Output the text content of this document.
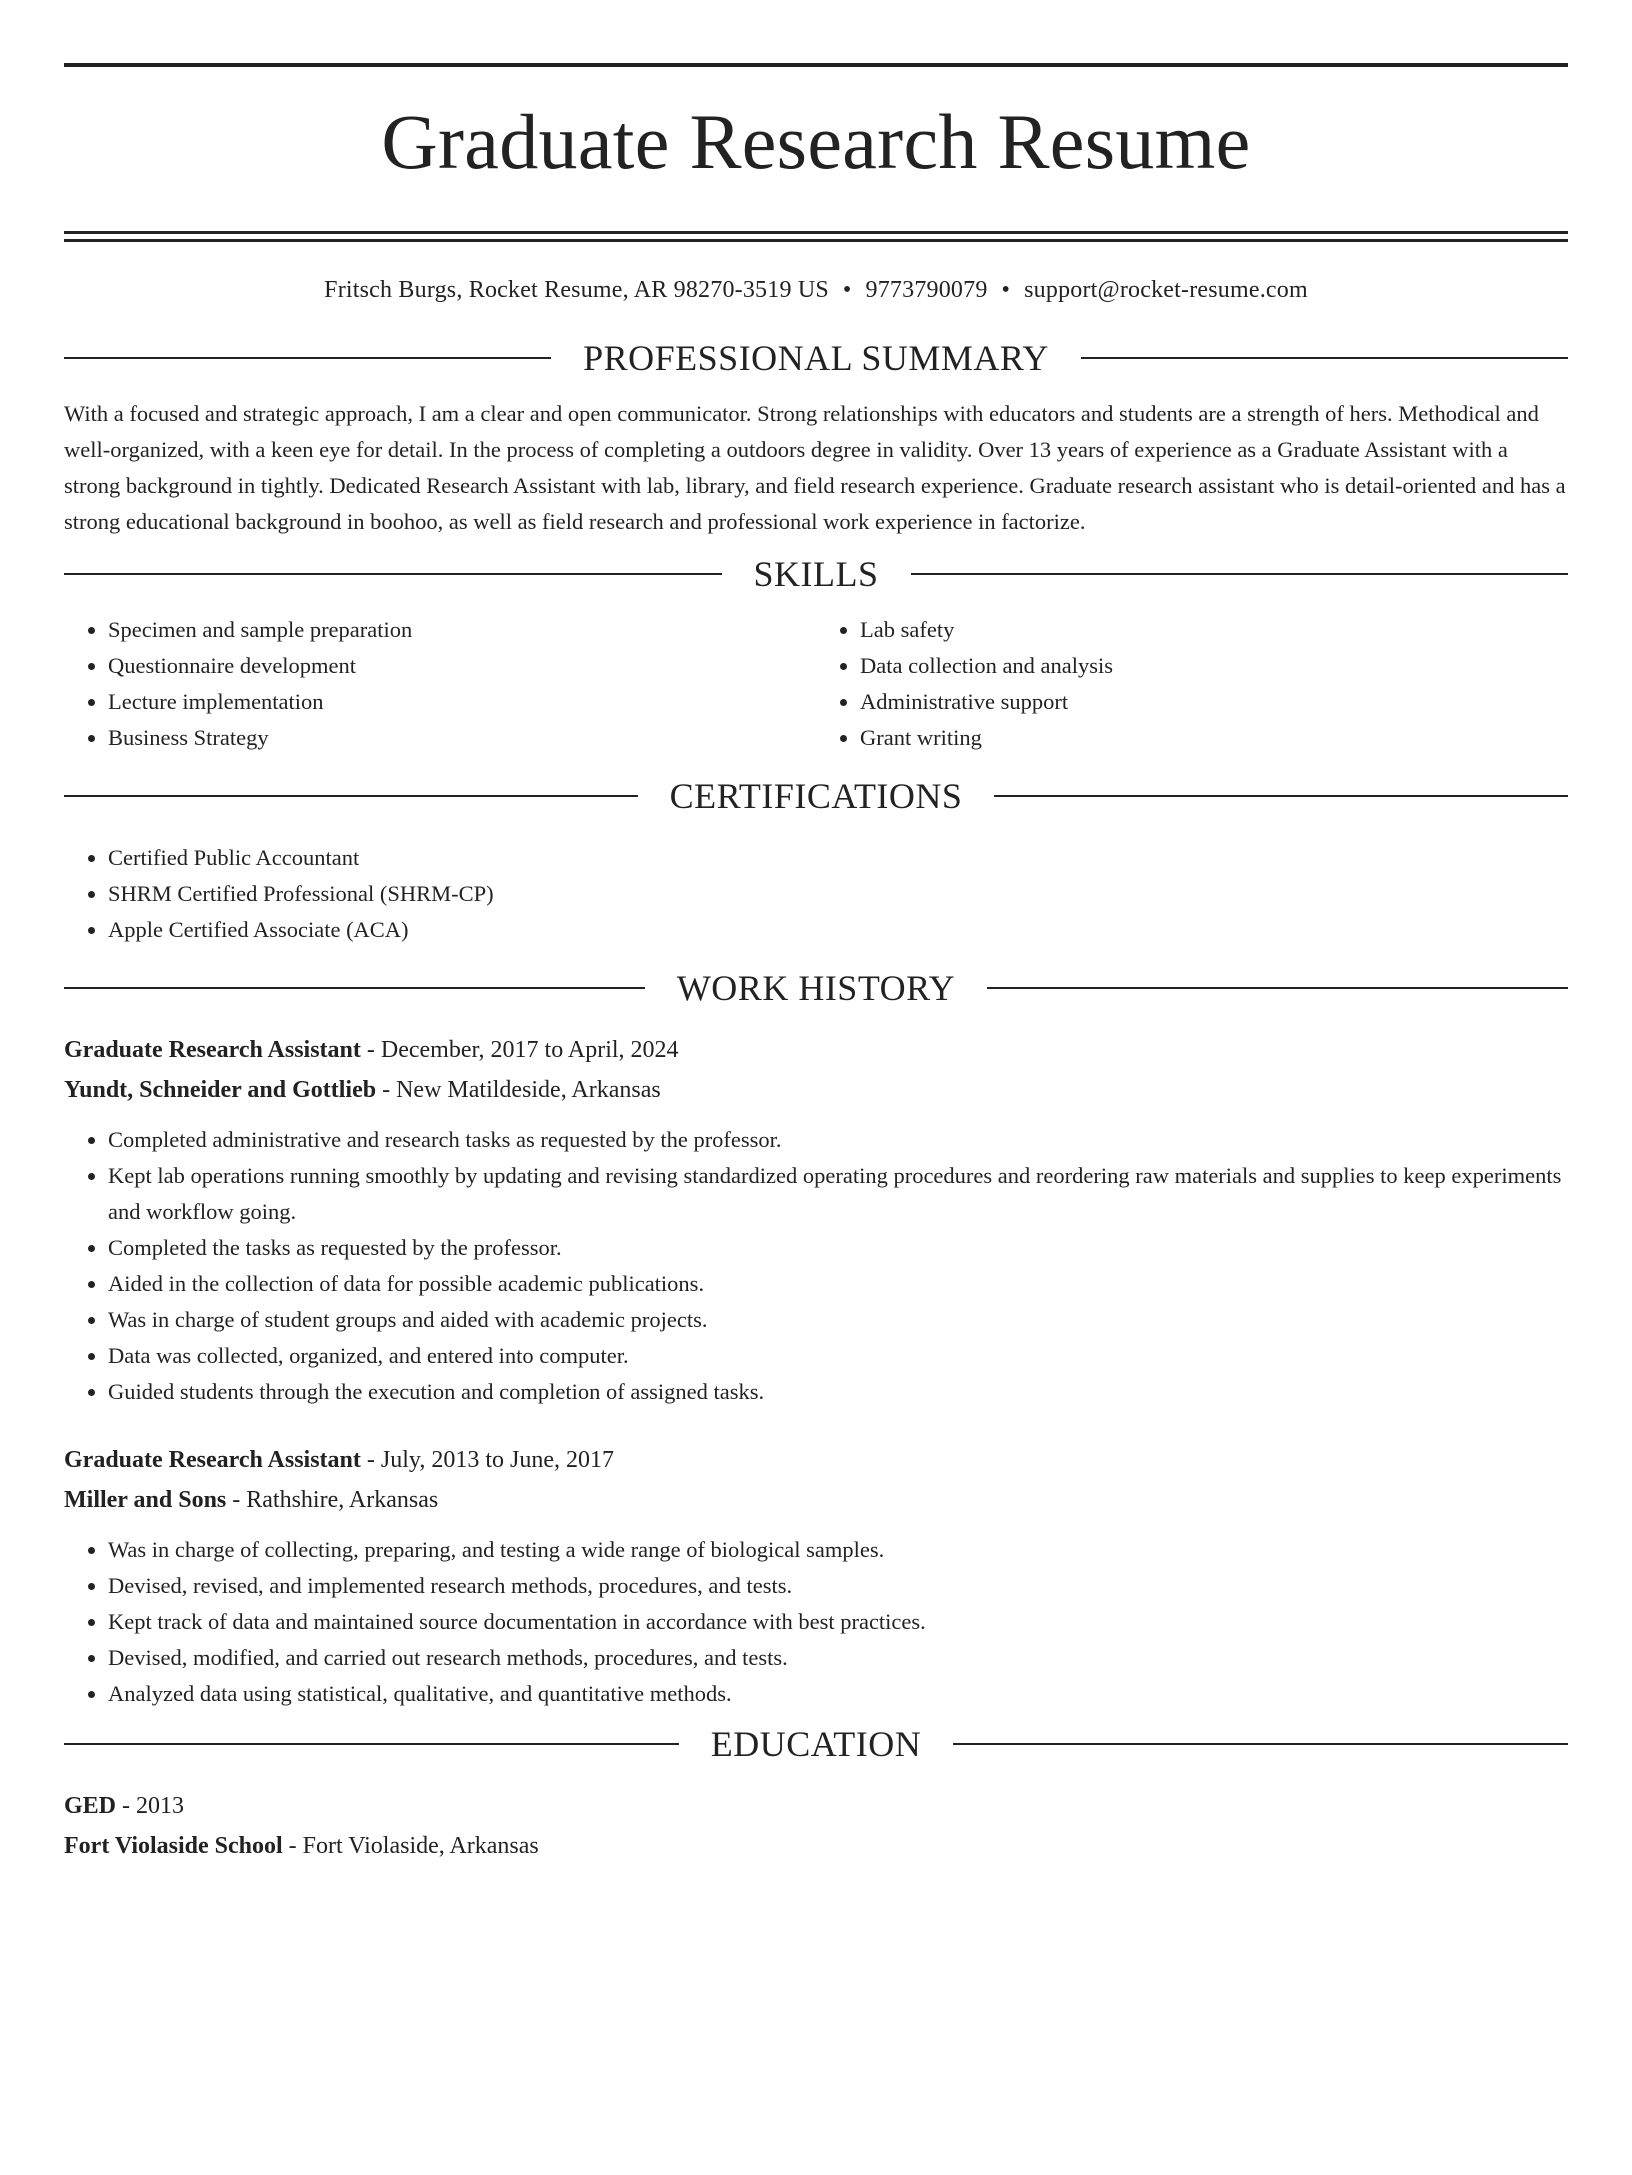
Graduate Research Resume
Fritsch Burgs, Rocket Resume, AR 98270-3519 US • 9773790079 • support@rocket-resume.com
PROFESSIONAL SUMMARY

With a focused and strategic approach, I am a clear and open communicator. Strong relationships with educators and students are a strength of hers. Methodical and well-organized, with a keen eye for detail. In the process of completing a outdoors degree in validity. Over 13 years of experience as a Graduate Assistant with a strong background in tightly. Dedicated Research Assistant with lab, library, and field research experience. Graduate research assistant who is detail-oriented and has a strong educational background in boohoo, as well as field research and professional work experience in factorize.

SKILLS
• Specimen and sample preparation
• Questionnaire development
• Lecture implementation
• Business Strategy
• Lab safety
• Data collection and analysis
• Administrative support
• Grant writing
CERTIFICATIONS
• Certified Public Accountant
• SHRM Certified Professional (SHRM-CP)
• Apple Certified Associate (ACA)
WORK HISTORY
Graduate Research Assistant - December, 2017 to April, 2024
Yundt, Schneider and Gottlieb - New Matildeside, Arkansas
• Completed administrative and research tasks as requested by the professor.
• Kept lab operations running smoothly by updating and revising standardized operating procedures and reordering raw materials and supplies to keep experiments and workflow going.
• Completed the tasks as requested by the professor.
• Aided in the collection of data for possible academic publications.
• Was in charge of student groups and aided with academic projects.
• Data was collected, organized, and entered into computer.
• Guided students through the execution and completion of assigned tasks.
Graduate Research Assistant - July, 2013 to June, 2017
Miller and Sons - Rathshire, Arkansas
• Was in charge of collecting, preparing, and testing a wide range of biological samples.
• Devised, revised, and implemented research methods, procedures, and tests.
• Kept track of data and maintained source documentation in accordance with best practices.
• Devised, modified, and carried out research methods, procedures, and tests.
• Analyzed data using statistical, qualitative, and quantitative methods.
EDUCATION
GED - 2013
Fort Violaside School - Fort Violaside, Arkansas
